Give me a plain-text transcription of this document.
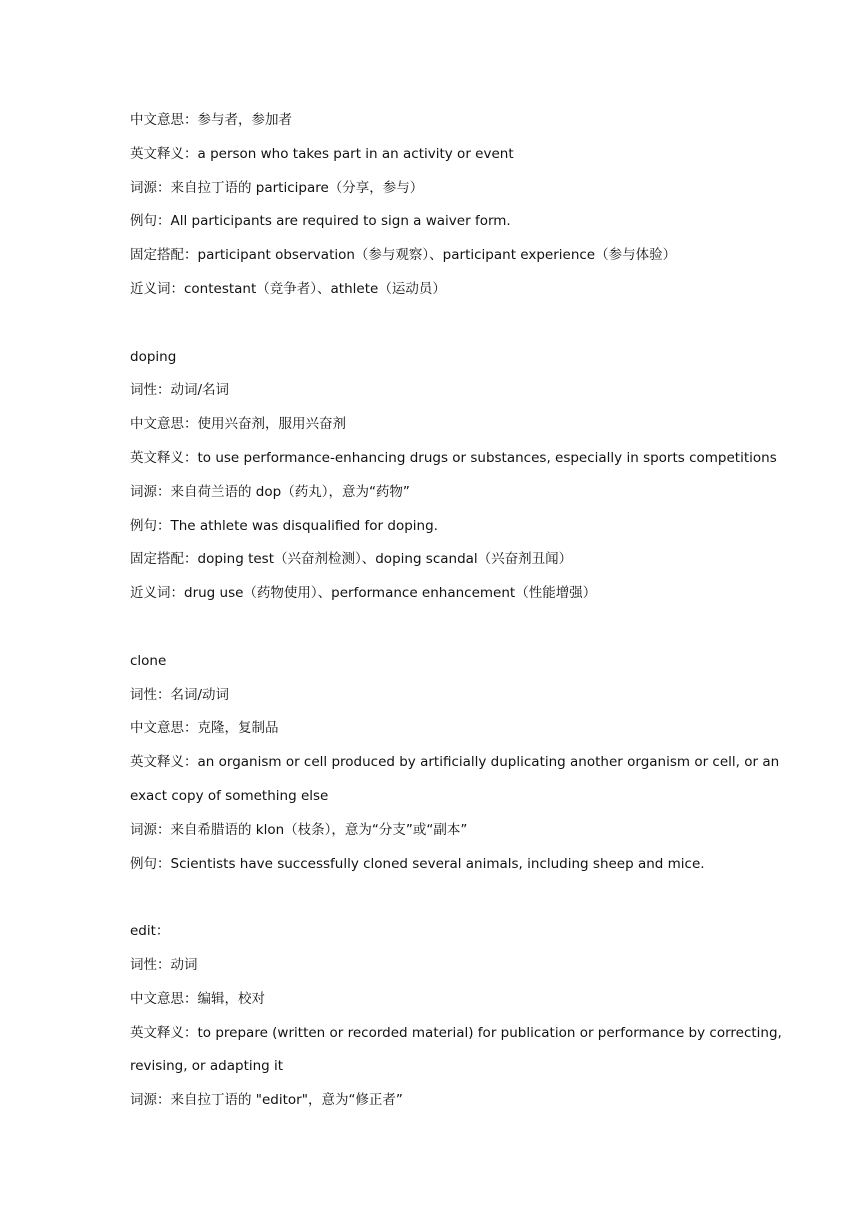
中文意思：参与者，参加者
英文释义：a person who takes part in an activity or event
词源：来自拉丁语的 participare（分享，参与）
例句：All participants are required to sign a waiver form.
固定搭配：participant observation（参与观察）、participant experience（参与体验）
近义词：contestant（竞争者）、athlete（运动员）
doping
词性：动词/名词
中文意思：使用兴奋剂，服用兴奋剂
英文释义：to use performance-enhancing drugs or substances, especially in sports competitions
词源：来自荷兰语的 dop（药丸），意为“药物”
例句：The athlete was disqualified for doping.
固定搭配：doping test（兴奋剂检测）、doping scandal（兴奋剂丑闻）
近义词：drug use（药物使用）、performance enhancement（性能增强）
clone
词性：名词/动词
中文意思：克隆，复制品
英文释义：an organism or cell produced by artificially duplicating another organism or cell, or an
exact copy of something else
词源：来自希腊语的 klon（枝条），意为“分支”或“副本”
例句：Scientists have successfully cloned several animals, including sheep and mice.
edit：
词性：动词
中文意思：编辑，校对
英文释义：to prepare (written or recorded material) for publication or performance by correcting,
revising, or adapting it
词源：来自拉丁语的 "editor"，意为“修正者”
